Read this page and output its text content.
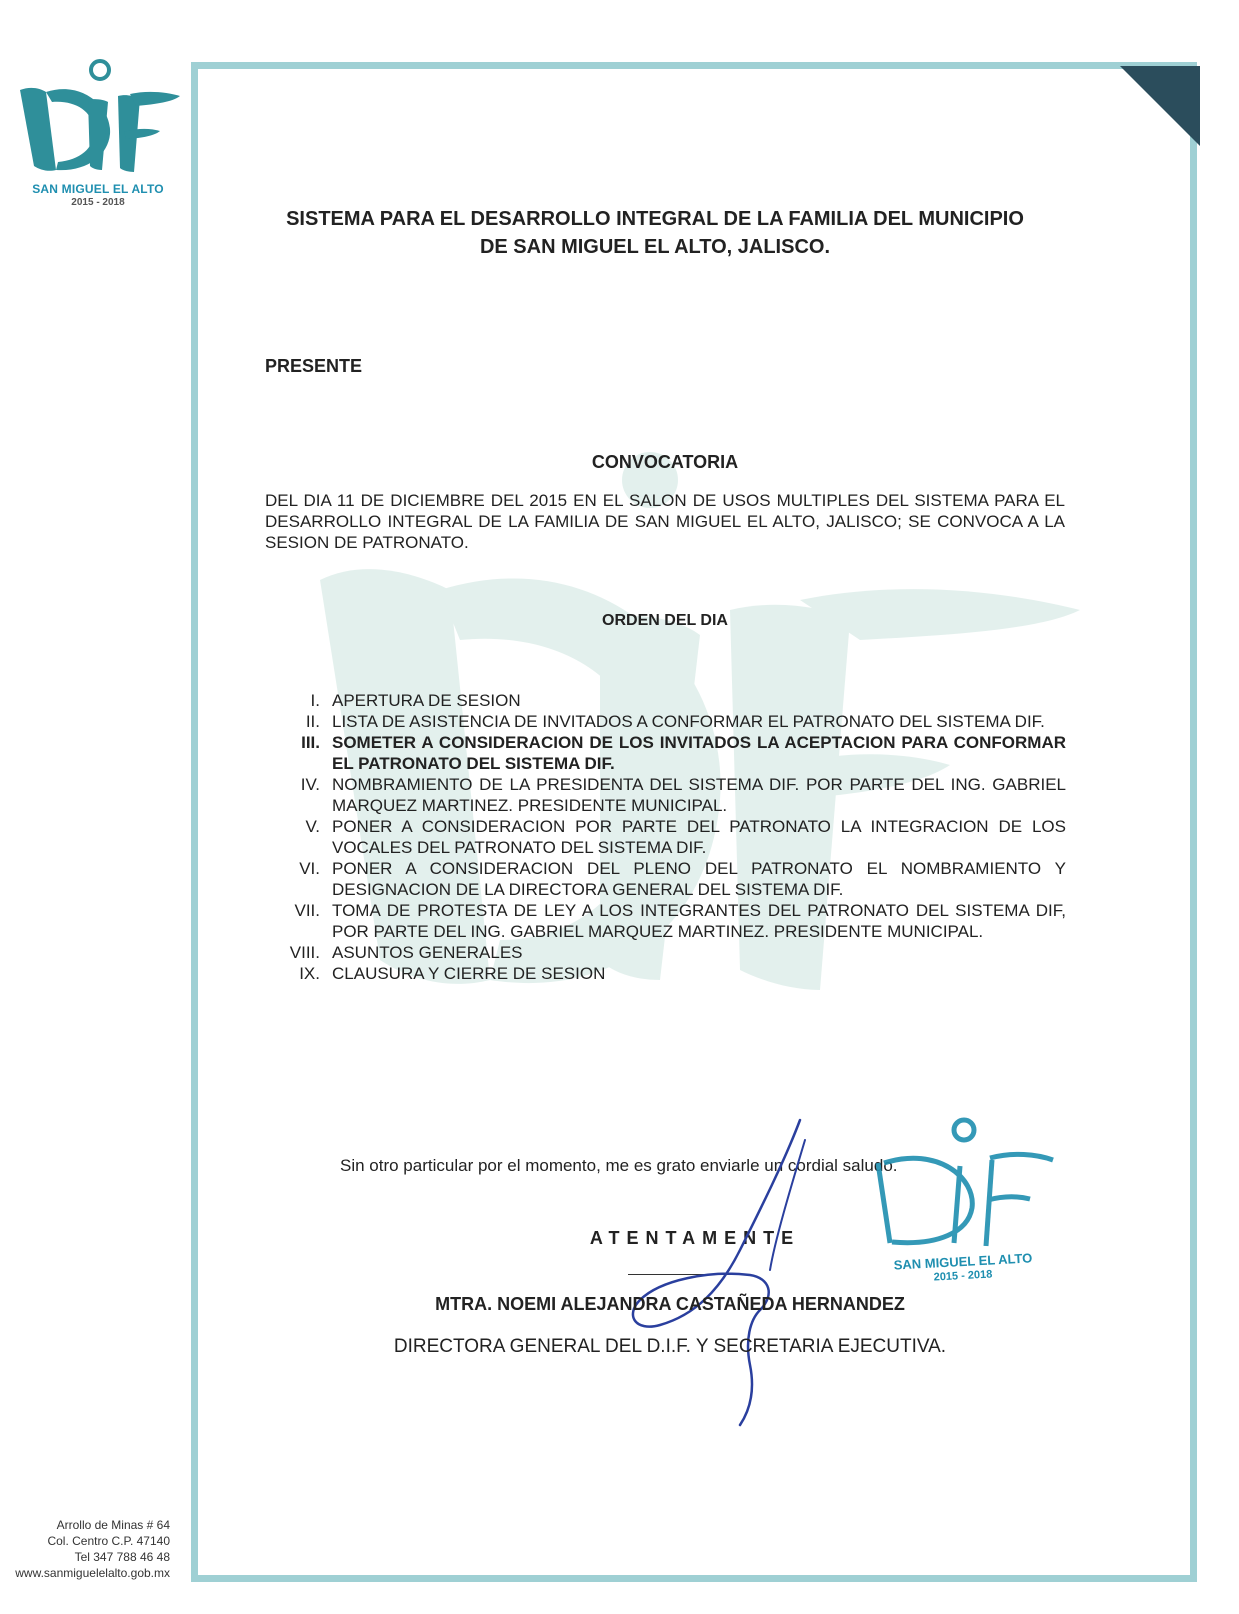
SAN MIGUEL EL ALTO
2015 - 2018
SISTEMA PARA EL DESARROLLO INTEGRAL DE LA FAMILIA DEL MUNICIPIO
DE SAN MIGUEL EL ALTO, JALISCO.
PRESENTE
CONVOCATORIA
DEL DIA 11 DE DICIEMBRE DEL 2015 EN EL SALON DE USOS MULTIPLES DEL SISTEMA PARA EL DESARROLLO INTEGRAL DE LA FAMILIA DE SAN MIGUEL EL ALTO, JALISCO; SE CONVOCA A LA SESION DE PATRONATO.
ORDEN DEL DIA
I. APERTURA DE SESION
II. LISTA DE ASISTENCIA DE INVITADOS A CONFORMAR EL PATRONATO DEL SISTEMA DIF.
III. SOMETER A CONSIDERACION DE LOS INVITADOS LA ACEPTACION PARA CONFORMAR EL PATRONATO DEL SISTEMA DIF.
IV. NOMBRAMIENTO DE LA PRESIDENTA DEL SISTEMA DIF. POR PARTE DEL ING. GABRIEL MARQUEZ MARTINEZ. PRESIDENTE MUNICIPAL.
V. PONER A CONSIDERACION POR PARTE DEL PATRONATO LA INTEGRACION DE LOS VOCALES DEL PATRONATO DEL SISTEMA DIF.
VI. PONER A CONSIDERACION DEL PLENO DEL PATRONATO EL NOMBRAMIENTO Y DESIGNACION DE LA DIRECTORA GENERAL DEL SISTEMA DIF.
VII. TOMA DE PROTESTA DE LEY A LOS INTEGRANTES DEL PATRONATO DEL SISTEMA DIF, POR PARTE DEL ING. GABRIEL MARQUEZ MARTINEZ. PRESIDENTE MUNICIPAL.
VIII. ASUNTOS GENERALES
IX. CLAUSURA Y CIERRE DE SESION
Sin otro particular por el momento, me es grato enviarle un cordial saludo.
SAN MIGUEL EL ALTO
2015 - 2018
ATENTAMENTE
MTRA. NOEMI ALEJANDRA CASTAÑEDA HERNANDEZ
DIRECTORA GENERAL DEL D.I.F. Y SECRETARIA EJECUTIVA.
Arrollo de Minas # 64
Col. Centro C.P. 47140
Tel 347 788 46 48
www.sanmiguelelalto.gob.mx
